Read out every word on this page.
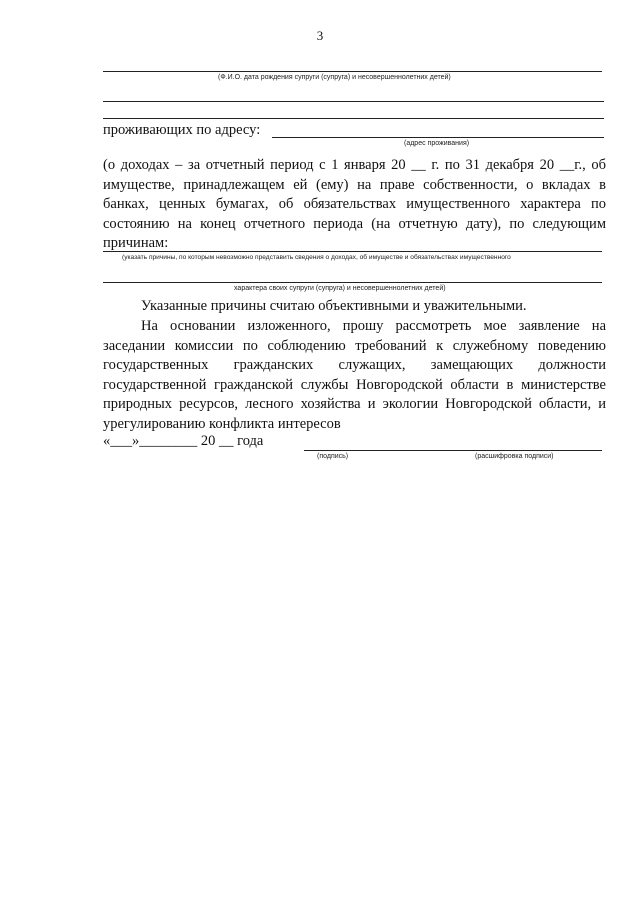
3
(Ф.И.О. дата рождения супруги (супруга) и несовершеннолетних детей)
проживающих по адресу:
(адрес проживания)
(о доходах – за отчетный период с 1 января 20 __ г. по 31 декабря 20 __г., об
имуществе, принадлежащем ей (ему) на праве собственности, о вкладах в
банках, ценных бумагах, об обязательствах имущественного характера по
состоянию на конец отчетного периода (на отчетную дату), по следующим
причинам:
(указать причины, по которым невозможно представить сведения о доходах, об имуществе и обязательствах имущественного
характера своих супруги (супруга) и несовершеннолетних детей)
Указанные причины считаю объективными и уважительными.
На основании изложенного, прошу рассмотреть мое заявление на
заседании комиссии по соблюдению требований к служебному поведению
государственных гражданских служащих, замещающих должности
государственной гражданской службы Новгородской области в министерстве
природных ресурсов, лесного хозяйства и экологии Новгородской области, и
урегулированию конфликта интересов
«___»________ 20 __ года
(подпись)	(расшифровка подписи)
